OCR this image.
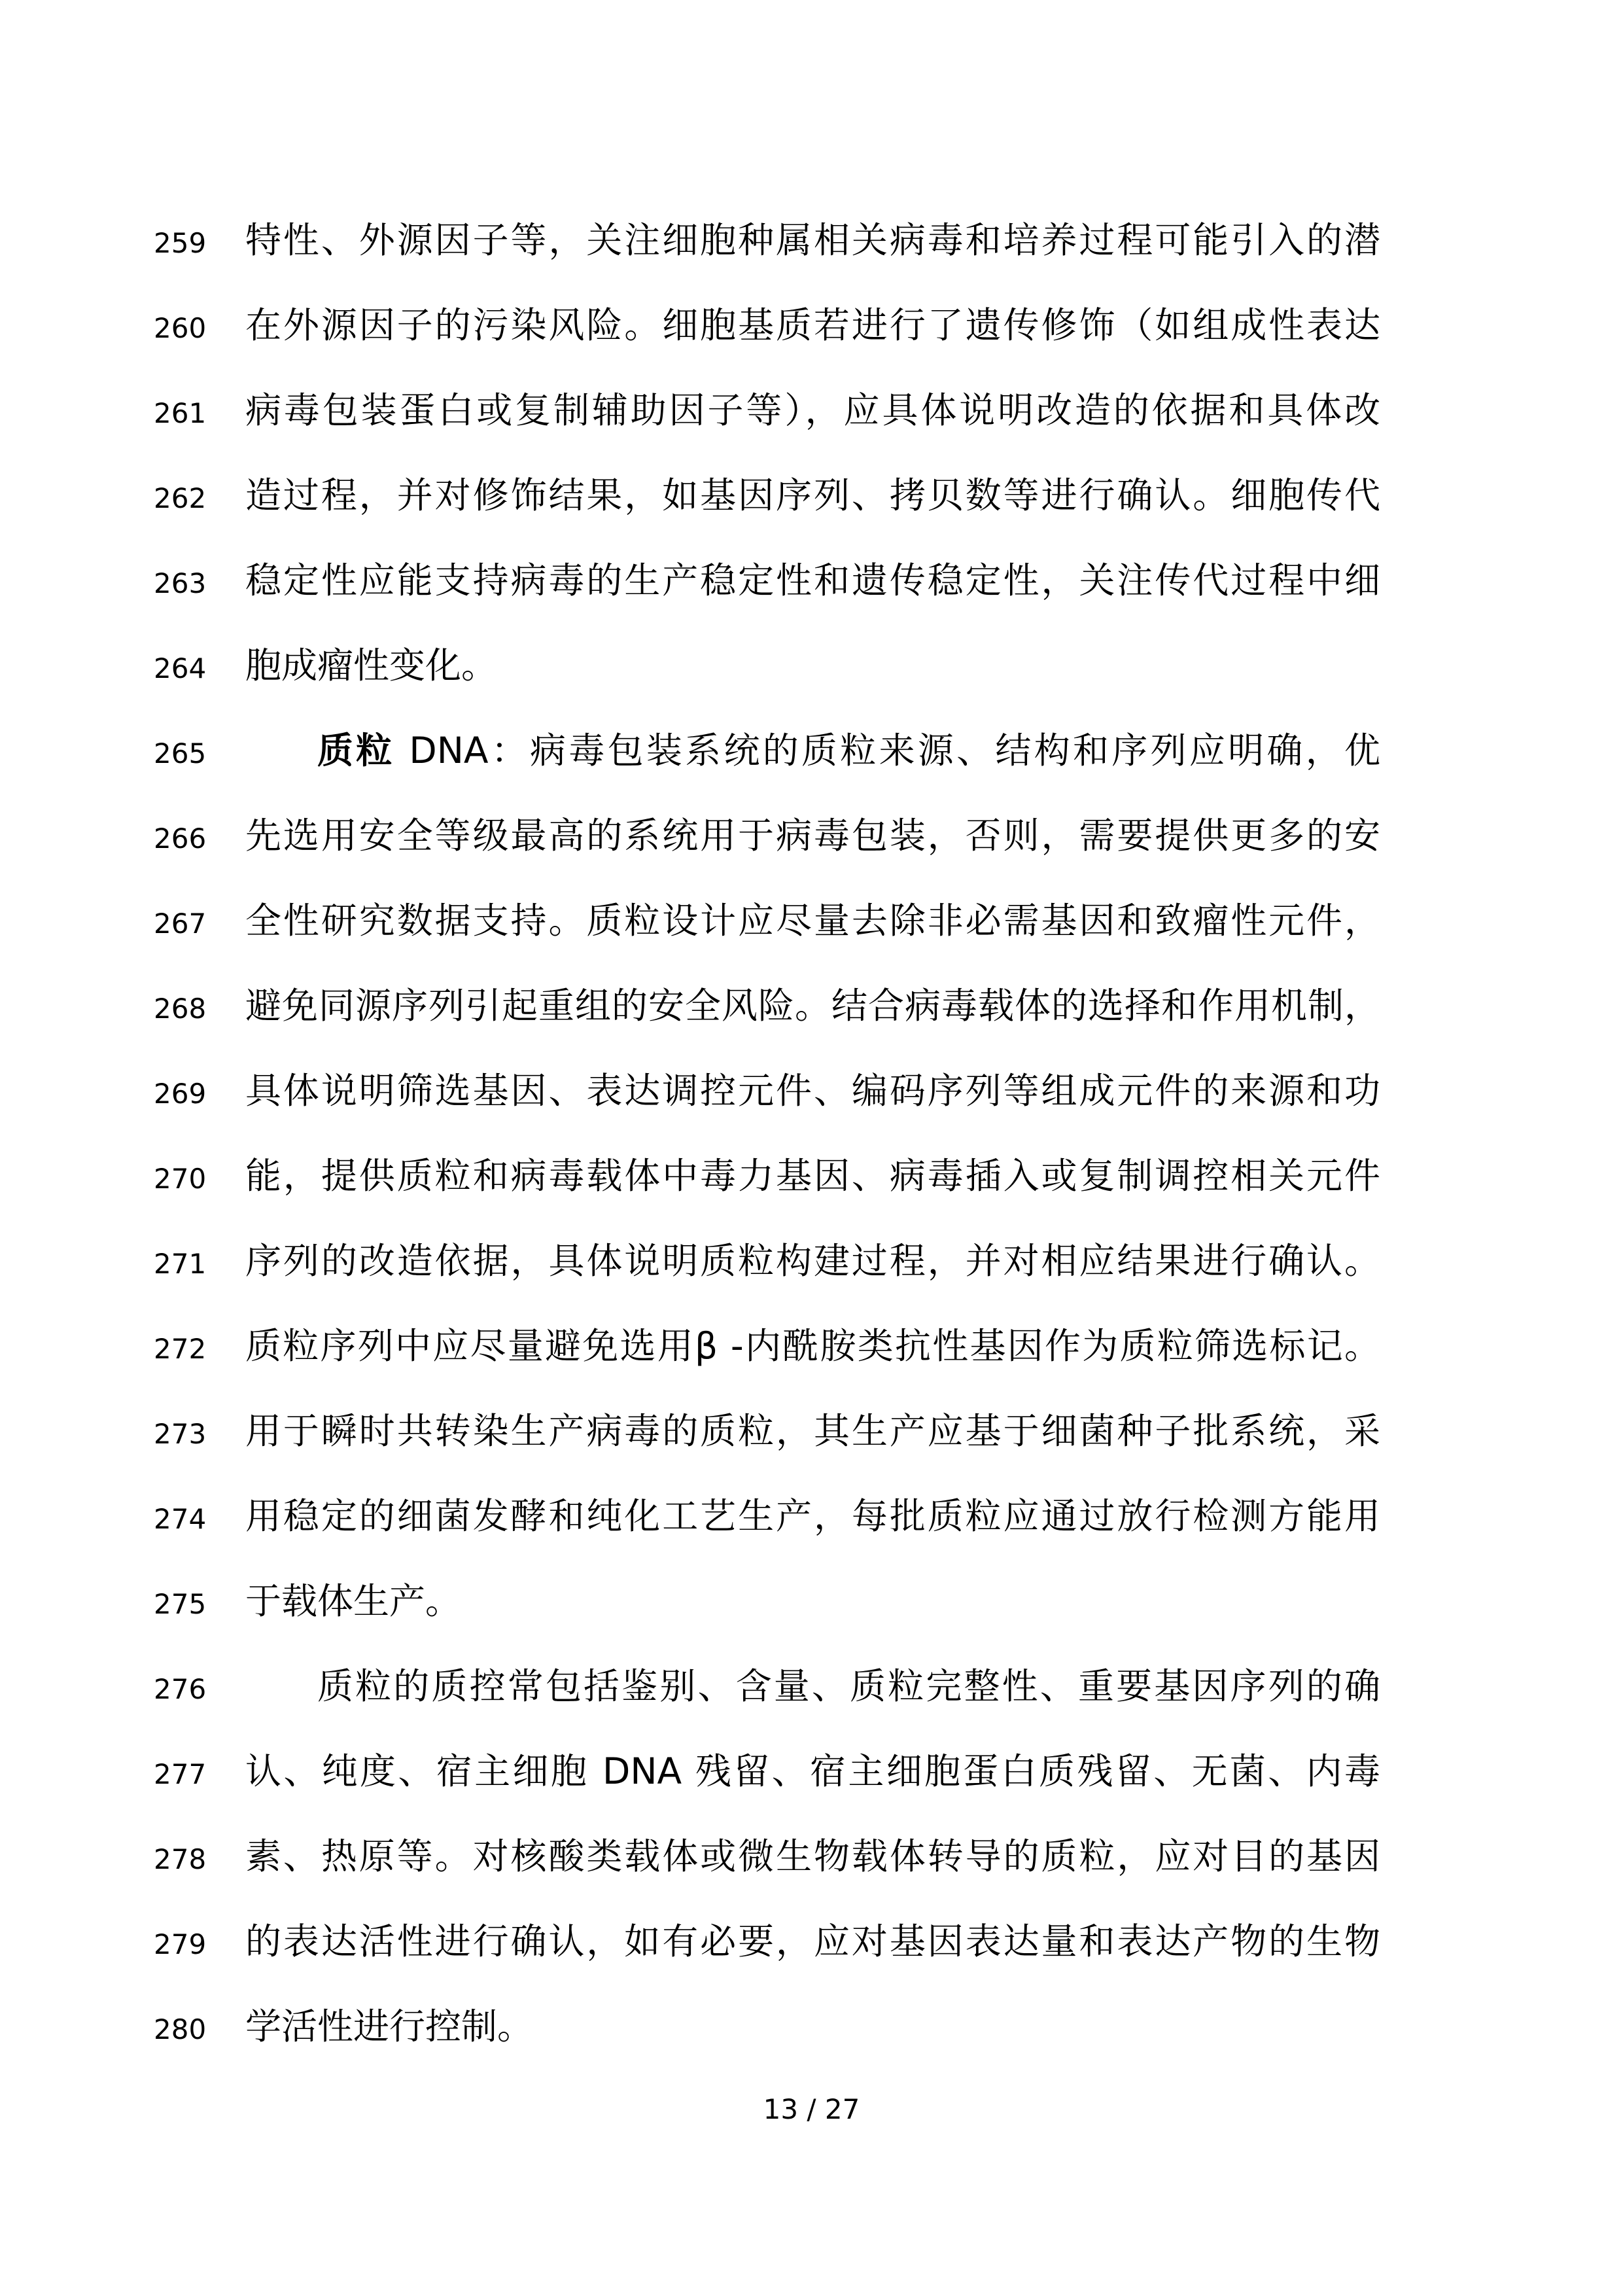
259	特性、外源因子等，关注细胞种属相关病毒和培养过程可能引入的潜
260	在外源因子的污染风险。细胞基质若进行了遗传修饰（如组成性表达
261	病毒包装蛋白或复制辅助因子等），应具体说明改造的依据和具体改
262	造过程，并对修饰结果，如基因序列、拷贝数等进行确认。细胞传代
263	稳定性应能支持病毒的生产稳定性和遗传稳定性，关注传代过程中细
264	胞成瘤性变化。
265	质粒 DNA：病毒包装系统的质粒来源、结构和序列应明确，优
266	先选用安全等级最高的系统用于病毒包装，否则，需要提供更多的安
267	全性研究数据支持。质粒设计应尽量去除非必需基因和致瘤性元件，
268	避免同源序列引起重组的安全风险。结合病毒载体的选择和作用机制，
269	具体说明筛选基因、表达调控元件、编码序列等组成元件的来源和功
270	能，提供质粒和病毒载体中毒力基因、病毒插入或复制调控相关元件
271	序列的改造依据，具体说明质粒构建过程，并对相应结果进行确认。
272	质粒序列中应尽量避免选用β -内酰胺类抗性基因作为质粒筛选标记。
273	用于瞬时共转染生产病毒的质粒，其生产应基于细菌种子批系统，采
274	用稳定的细菌发酵和纯化工艺生产，每批质粒应通过放行检测方能用
275	于载体生产。
276	质粒的质控常包括鉴别、含量、质粒完整性、重要基因序列的确
277	认、纯度、宿主细胞 DNA 残留、宿主细胞蛋白质残留、无菌、内毒
278	素、热原等。对核酸类载体或微生物载体转导的质粒，应对目的基因
279	的表达活性进行确认，如有必要，应对基因表达量和表达产物的生物
280	学活性进行控制。
13 / 27
